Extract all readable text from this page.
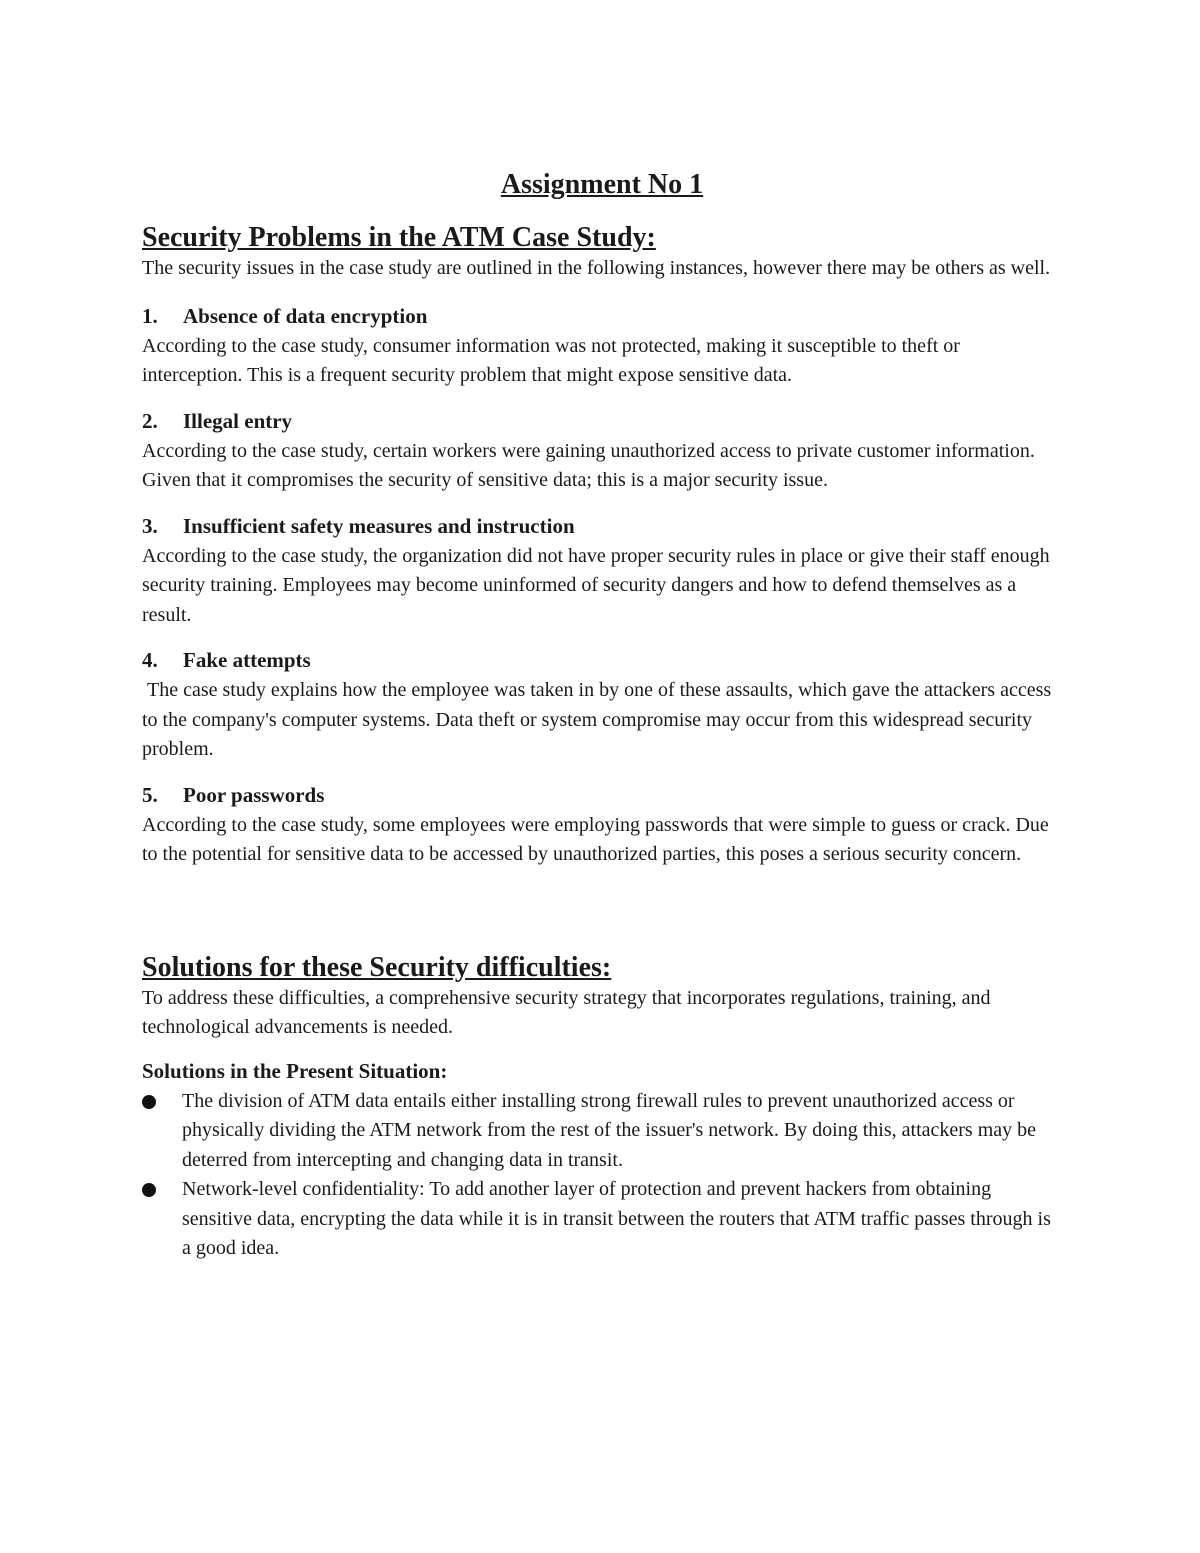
Assignment No 1
Security Problems in the ATM Case Study:

The security issues in the case study are outlined in the following instances, however there may be others as well.

1.	Absence of data encryption

According to the case study, consumer information was not protected, making it susceptible to theft or interception. This is a frequent security problem that might expose sensitive data.

2.	Illegal entry

According to the case study, certain workers were gaining unauthorized access to private customer information. Given that it compromises the security of sensitive data; this is a major security issue.

3.	Insufficient safety measures and instruction

According to the case study, the organization did not have proper security rules in place or give their staff enough security training. Employees may become uninformed of security dangers and how to defend themselves as a result.

4.	Fake attempts

The case study explains how the employee was taken in by one of these assaults, which gave the attackers access to the company's computer systems. Data theft or system compromise may occur from this widespread security problem.

5.	Poor passwords

According to the case study, some employees were employing passwords that were simple to guess or crack. Due to the potential for sensitive data to be accessed by unauthorized parties, this poses a serious security concern.

Solutions for these Security difficulties:

To address these difficulties, a comprehensive security strategy that incorporates regulations, training, and technological advancements is needed.

Solutions in the Present Situation:
The division of ATM data entails either installing strong firewall rules to prevent unauthorized access or physically dividing the ATM network from the rest of the issuer's network. By doing this, attackers may be deterred from intercepting and changing data in transit.
Network-level confidentiality: To add another layer of protection and prevent hackers from obtaining sensitive data, encrypting the data while it is in transit between the routers that ATM traffic passes through is a good idea.
